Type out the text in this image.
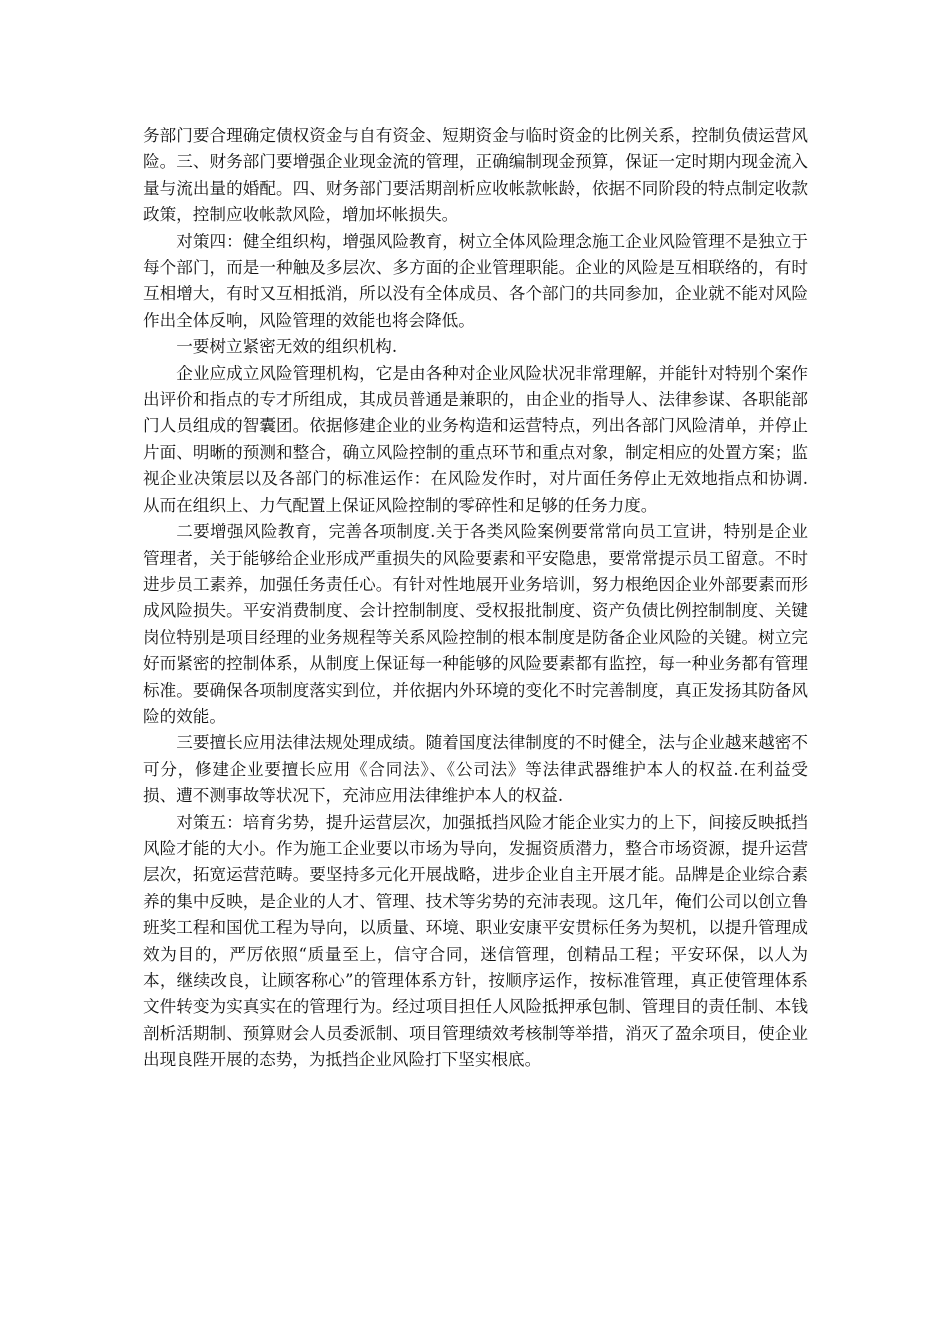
务部门要合理确定债权资金与自有资金、短期资金与临时资金的比例关系，控制负债运营风险。三、财务部门要增强企业现金流的管理，正确编制现金预算，保证一定时期内现金流入量与流出量的婚配。四、财务部门要活期剖析应收帐款帐龄，依据不同阶段的特点制定收款政策，控制应收帐款风险，增加坏帐损失。

对策四：健全组织构，增强风险教育，树立全体风险理念施工企业风险管理不是独立于每个部门，而是一种触及多层次、多方面的企业管理职能。企业的风险是互相联络的，有时互相增大，有时又互相抵消，所以没有全体成员、各个部门的共同参加，企业就不能对风险作出全体反响，风险管理的效能也将会降低。

一要树立紧密无效的组织机构.

企业应成立风险管理机构，它是由各种对企业风险状况非常理解，并能针对特别个案作出评价和指点的专才所组成，其成员普通是兼职的，由企业的指导人、法律参谋、各职能部门人员组成的智囊团。依据修建企业的业务构造和运营特点，列出各部门风险清单，并停止片面、明晰的预测和整合，确立风险控制的重点环节和重点对象，制定相应的处置方案；监视企业决策层以及各部门的标准运作：在风险发作时，对片面任务停止无效地指点和协调.从而在组织上、力气配置上保证风险控制的零碎性和足够的任务力度。

二要增强风险教育，完善各项制度.关于各类风险案例要常常向员工宣讲，特别是企业管理者，关于能够给企业形成严重损失的风险要素和平安隐患，要常常提示员工留意。不时进步员工素养，加强任务责任心。有针对性地展开业务培训，努力根绝因企业外部要素而形成风险损失。平安消费制度、会计控制制度、受权报批制度、资产负债比例控制制度、关键岗位特别是项目经理的业务规程等关系风险控制的根本制度是防备企业风险的关键。树立完好而紧密的控制体系，从制度上保证每一种能够的风险要素都有监控，每一种业务都有管理标准。要确保各项制度落实到位，并依据内外环境的变化不时完善制度，真正发扬其防备风险的效能。

三要擅长应用法律法规处理成绩。随着国度法律制度的不时健全，法与企业越来越密不可分，修建企业要擅长应用《合同法》、《公司法》等法律武器维护本人的权益.在利益受损、遭不测事故等状况下，充沛应用法律维护本人的权益.

对策五：培育劣势，提升运营层次，加强抵挡风险才能企业实力的上下，间接反映抵挡风险才能的大小。作为施工企业要以市场为导向，发掘资质潜力，整合市场资源，提升运营层次，拓宽运营范畴。要坚持多元化开展战略，进步企业自主开展才能。品牌是企业综合素养的集中反映，是企业的人才、管理、技术等劣势的充沛表现。这几年，俺们公司以创立鲁班奖工程和国优工程为导向，以质量、环境、职业安康平安贯标任务为契机，以提升管理成效为目的，严厉依照“质量至上，信守合同，迷信管理，创精品工程；平安环保，以人为本，继续改良，让顾客称心”的管理体系方针，按顺序运作，按标准管理，真正使管理体系文件转变为实真实在的管理行为。经过项目担任人风险抵押承包制、管理目的责任制、本钱剖析活期制、预算财会人员委派制、项目管理绩效考核制等举措，消灭了盈余项目，使企业出现良陛开展的态势，为抵挡企业风险打下坚实根底。
